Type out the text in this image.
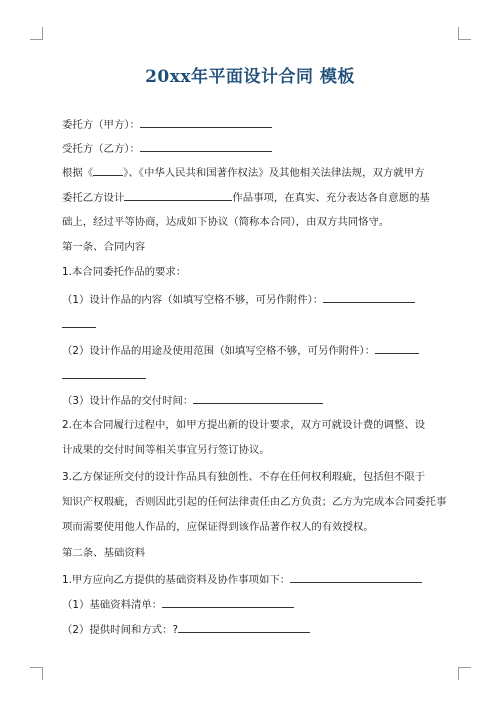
20xx年平面设计合同 模板
委托方（甲方）：
受托方（乙方）：
根据《	》、《中华人民共和国著作权法》及其他相关法律法规，双方就甲方
委托乙方设计	作品事项，在真实、充分表达各自意愿的基
础上，经过平等协商，达成如下协议（简称本合同），由双方共同恪守。
第一条、合同内容
1.本合同委托作品的要求：
（1）设计作品的内容（如填写空格不够，可另作附件）：
（2）设计作品的用途及使用范围（如填写空格不够，可另作附件）：
（3）设计作品的交付时间：
2.在本合同履行过程中，如甲方提出新的设计要求，双方可就设计费的调整、设
计成果的交付时间等相关事宜另行签订协议。
3.乙方保证所交付的设计作品具有独创性、不存在任何权利瑕疵，包括但不限于
知识产权瑕疵，否则因此引起的任何法律责任由乙方负责；乙方为完成本合同委托事
项而需要使用他人作品的，应保证得到该作品著作权人的有效授权。
第二条、基础资料
1.甲方应向乙方提供的基础资料及协作事项如下：
（1）基础资料清单：
（2）提供时间和方式：?
